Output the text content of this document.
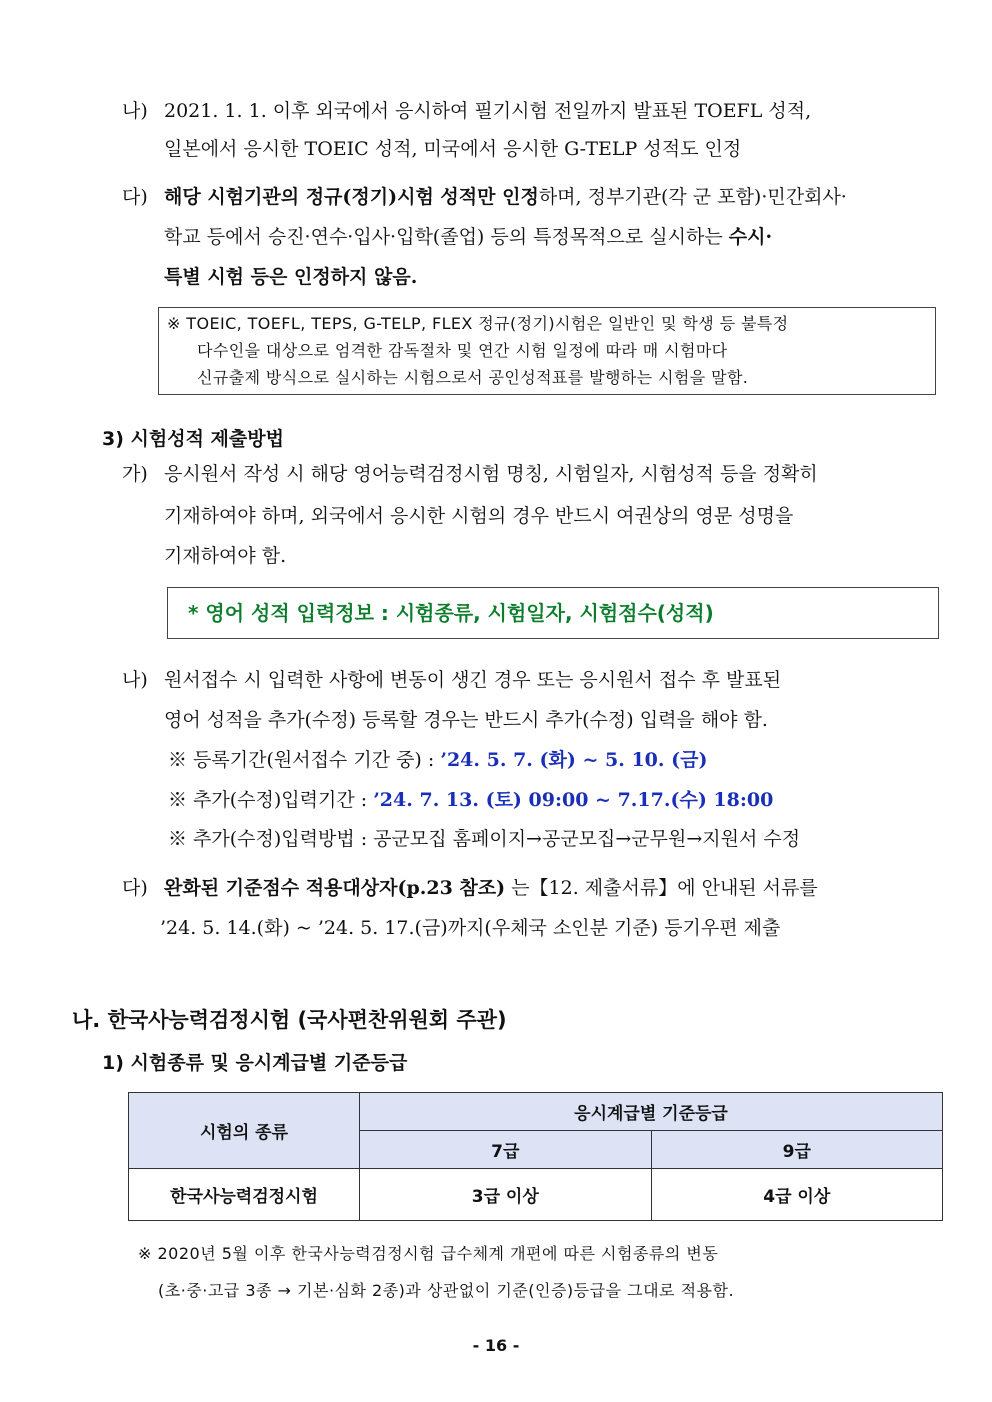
나) 2021. 1. 1. 이후 외국에서 응시하여 필기시험 전일까지 발표된 TOEFL 성적,
일본에서 응시한 TOEIC 성적, 미국에서 응시한 G-TELP 성적도 인정
다) 해당 시험기관의 정규(정기)시험 성적만 인정하며, 정부기관(각 군 포함)·민간회사·
학교 등에서 승진·연수·입사·입학(졸업) 등의 특정목적으로 실시하는 수시·
특별 시험 등은 인정하지 않음.
※ TOEIC, TOEFL, TEPS, G-TELP, FLEX 정규(정기)시험은 일반인 및 학생 등 불특정
다수인을 대상으로 엄격한 감독절차 및 연간 시험 일정에 따라 매 시험마다
신규출제 방식으로 실시하는 시험으로서 공인성적표를 발행하는 시험을 말함.
3) 시험성적 제출방법
가) 응시원서 작성 시 해당 영어능력검정시험 명칭, 시험일자, 시험성적 등을 정확히
기재하여야 하며, 외국에서 응시한 시험의 경우 반드시 여권상의 영문 성명을
기재하여야 함.
* 영어 성적 입력정보 : 시험종류, 시험일자, 시험점수(성적)
나) 원서접수 시 입력한 사항에 변동이 생긴 경우 또는 응시원서 접수 후 발표된
영어 성적을 추가(수정) 등록할 경우는 반드시 추가(수정) 입력을 해야 함.
※ 등록기간(원서접수 기간 중) : ’24. 5. 7. (화) ~ 5. 10. (금)
※ 추가(수정)입력기간 : ’24. 7. 13. (토) 09:00 ~ 7.17.(수) 18:00
※ 추가(수정)입력방법 : 공군모집 홈페이지→공군모집→군무원→지원서 수정
다) 완화된 기준점수 적용대상자(p.23 참조) 는【12. 제출서류】에 안내된 서류를
’24. 5. 14.(화) ~ ’24. 5. 17.(금)까지(우체국 소인분 기준) 등기우편 제출
나. 한국사능력검정시험 (국사편찬위원회 주관)
1) 시험종류 및 응시계급별 기준등급
시험의 종류	응시계급별 기준등급	
	7급	9급
한국사능력검정시험	3급 이상	4급 이상
※ 2020년 5월 이후 한국사능력검정시험 급수체계 개편에 따른 시험종류의 변동
(초·중·고급 3종 → 기본·심화 2종)과 상관없이 기준(인증)등급을 그대로 적용함.
- 16 -
